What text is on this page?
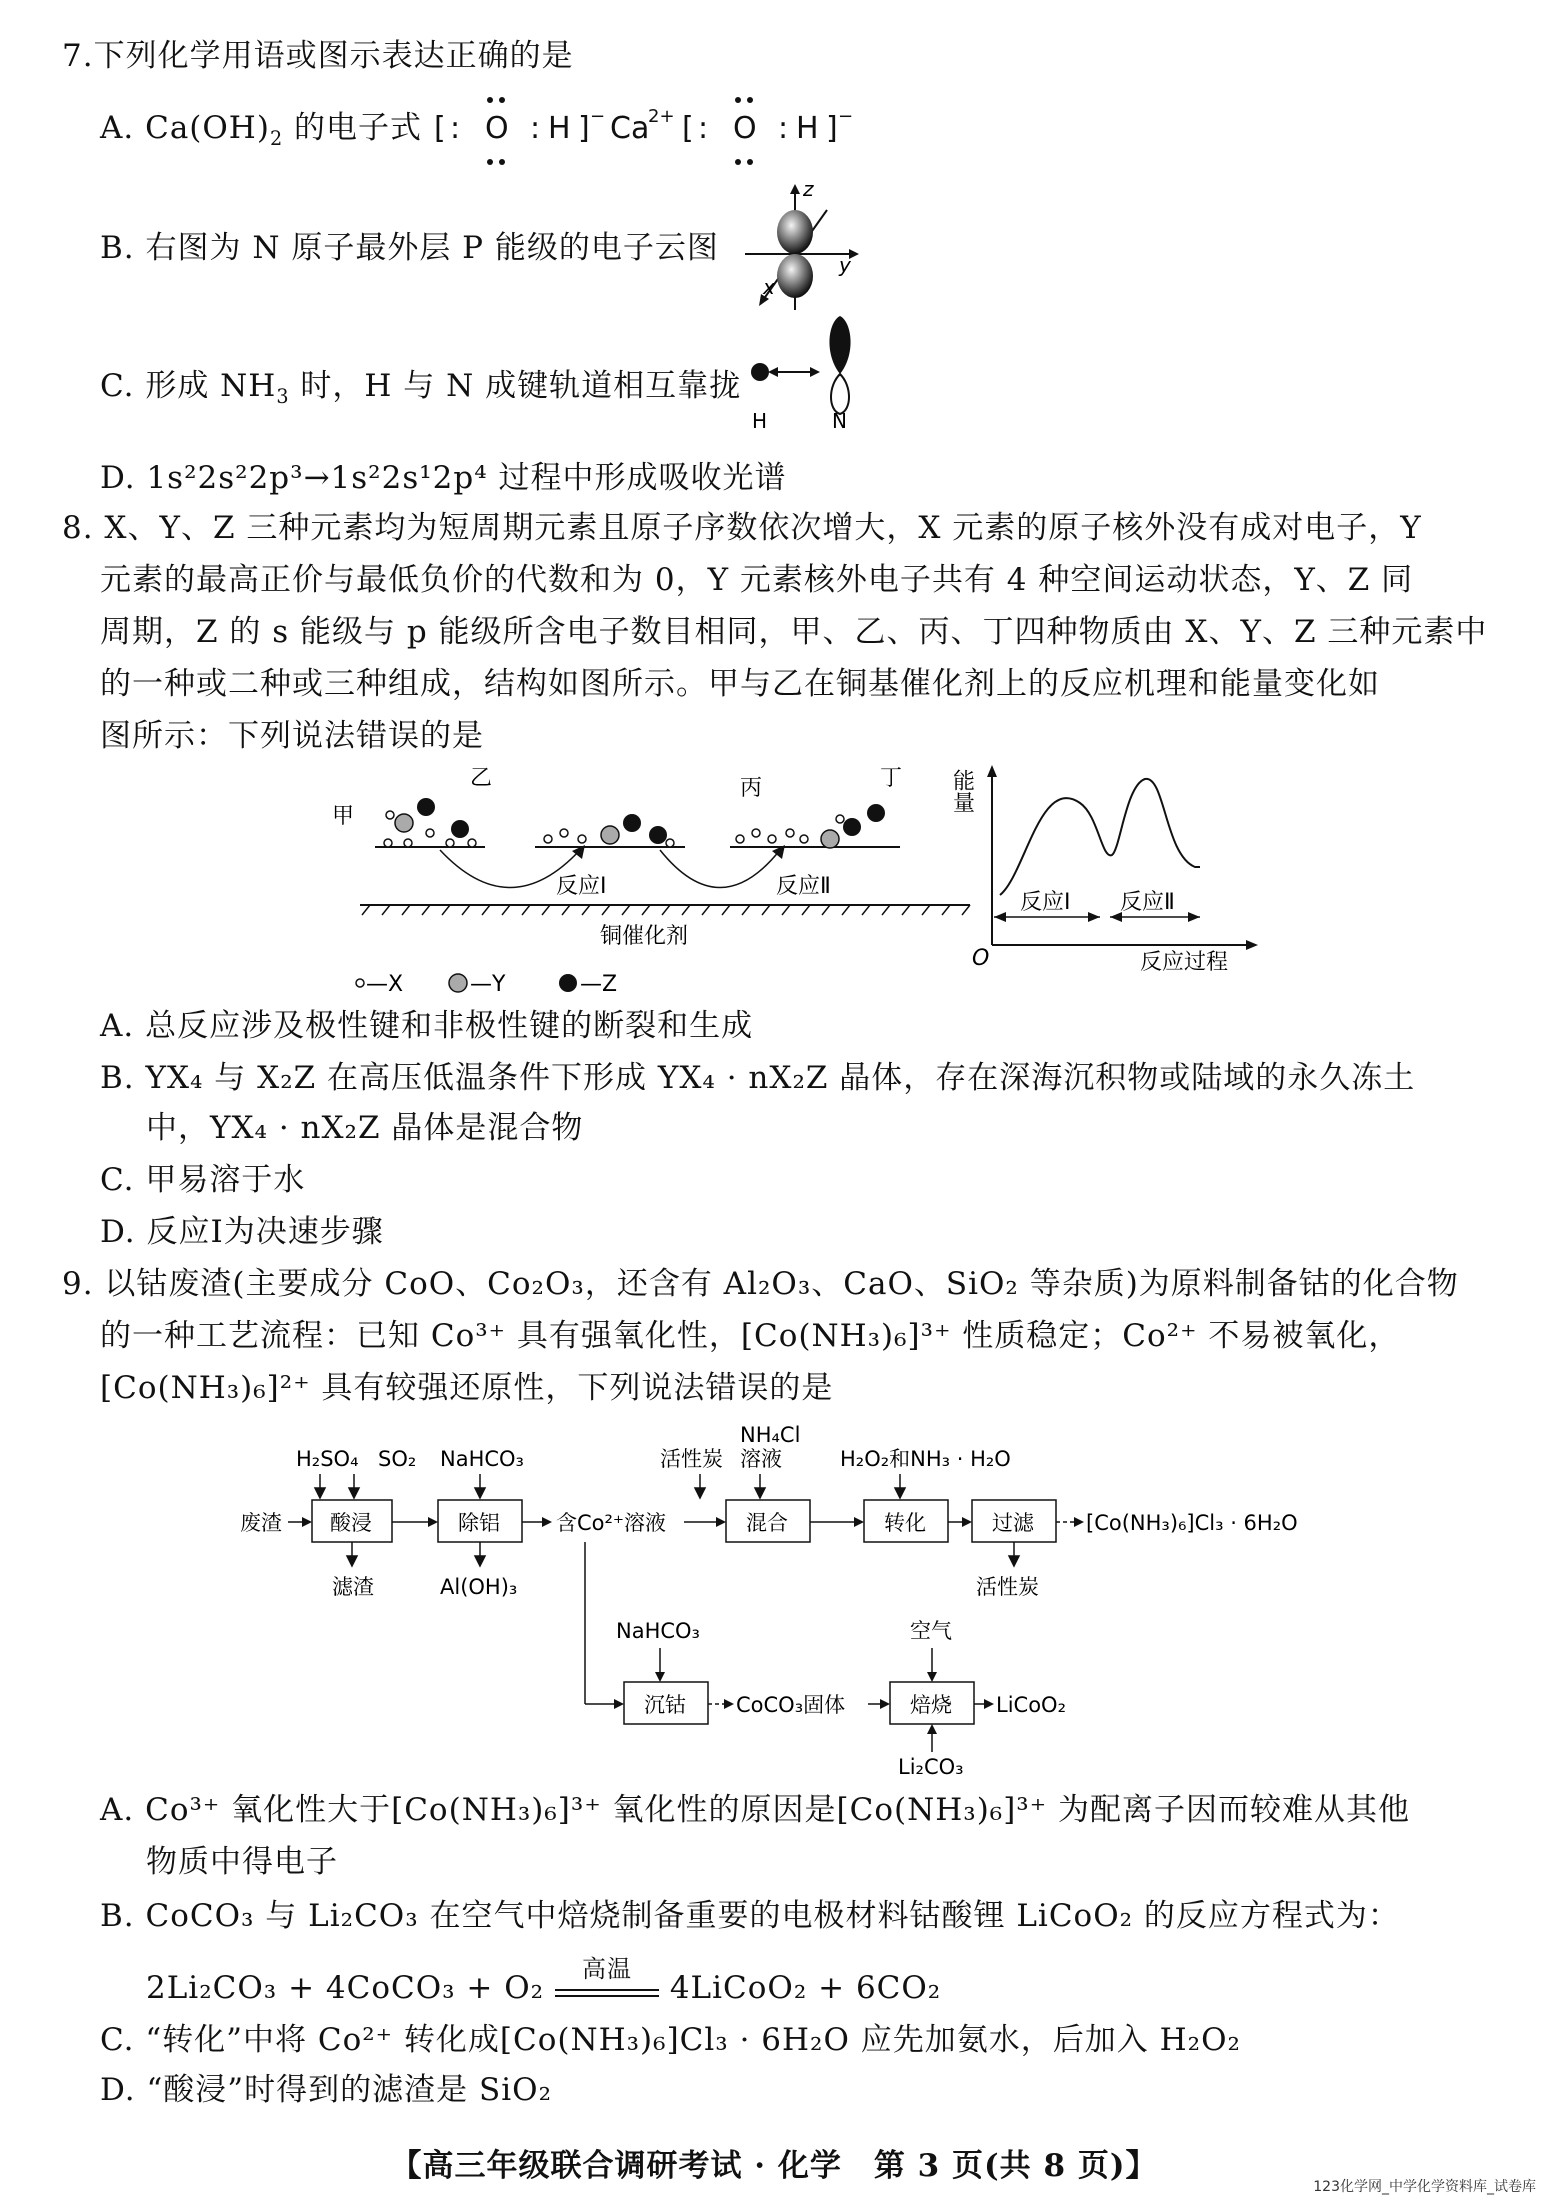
7.下列化学用语或图示表达正确的是
A. $Ca(OH)_2$ 的电子式 [ : O : H ] − Ca
2+ [ : O : H ] −
B. 右图为 N 原子最外层 P 能级的电子云图
z
y
x
C. 形成 $NH_3$ 时，H 与 N 成键轨道相互靠拢
H	N
D. 1s²2s²2p³→1s²2s¹2p⁴ 过程中形成吸收光谱
8. X、Y、Z 三种元素均为短周期元素且原子序数依次增大，X 元素的原子核外没有成对电子，Y
元素的最高正价与最低负价的代数和为 0，Y 元素核外电子共有 4 种空间运动状态，Y、Z 同
周期，Z 的 s 能级与 p 能级所含电子数目相同，甲、乙、丙、丁四种物质由 X、Y、Z 三种元素中
的一种或二种或三种组成，结构如图所示。甲与乙在铜基催化剂上的反应机理和能量变化如
图所示：下列说法错误的是
甲
乙	丙	丁
反应Ⅰ	反应Ⅱ
铜催化剂
—X	—Y	—Z
反应Ⅰ 反应Ⅱ
能量
O	反应过程
A. 总反应涉及极性键和非极性键的断裂和生成
B. YX₄ 与 X₂Z 在高压低温条件下形成 YX₄ · nX₂Z 晶体，存在深海沉积物或陆域的永久冻土
中，YX₄ · nX₂Z 晶体是混合物
C. 甲易溶于水
D. 反应Ⅰ为决速步骤
9. 以钴废渣(主要成分 CoO、Co₂O₃，还含有 Al₂O₃、CaO、SiO₂ 等杂质)为原料制备钴的化合物
的一种工艺流程：已知 Co³⁺ 具有强氧化性，[Co(NH₃)₆]³⁺ 性质稳定；Co²⁺ 不易被氧化，
[Co(NH₃)₆]²⁺ 具有较强还原性，下列说法错误的是
H₂SO₄ SO₂ NaHCO₃	活性炭
NH₄Cl
溶液	H₂O₂和NH₃ · H₂O
废渣 酸浸	除铝	含Co²⁺溶液	混合	转化	过滤 [Co(NH₃)₆]Cl₃ · 6H₂O
滤渣	Al(OH)₃	活性炭
NaHCO₃
沉钴 CoCO₃固体	焙烧
空气
Li₂CO₃
LiCoO₂
A. Co³⁺ 氧化性大于[Co(NH₃)₆]³⁺ 氧化性的原因是[Co(NH₃)₆]³⁺ 为配离子因而较难从其他
物质中得电子
B. CoCO₃ 与 Li₂CO₃ 在空气中焙烧制备重要的电极材料钴酸锂 LiCoO₂ 的反应方程式为：
2Li₂CO₃ + 4CoCO₃ + O₂
高温
4LiCoO₂ + 6CO₂
C. “转化”中将 Co²⁺ 转化成[Co(NH₃)₆]Cl₃ · 6H₂O 应先加氨水，后加入 H₂O₂
D. “酸浸”时得到的滤渣是 SiO₂
【高三年级联合调研考试 · 化学　第 3 页(共 8 页)】
123化学网_中学化学资料库_试卷库
